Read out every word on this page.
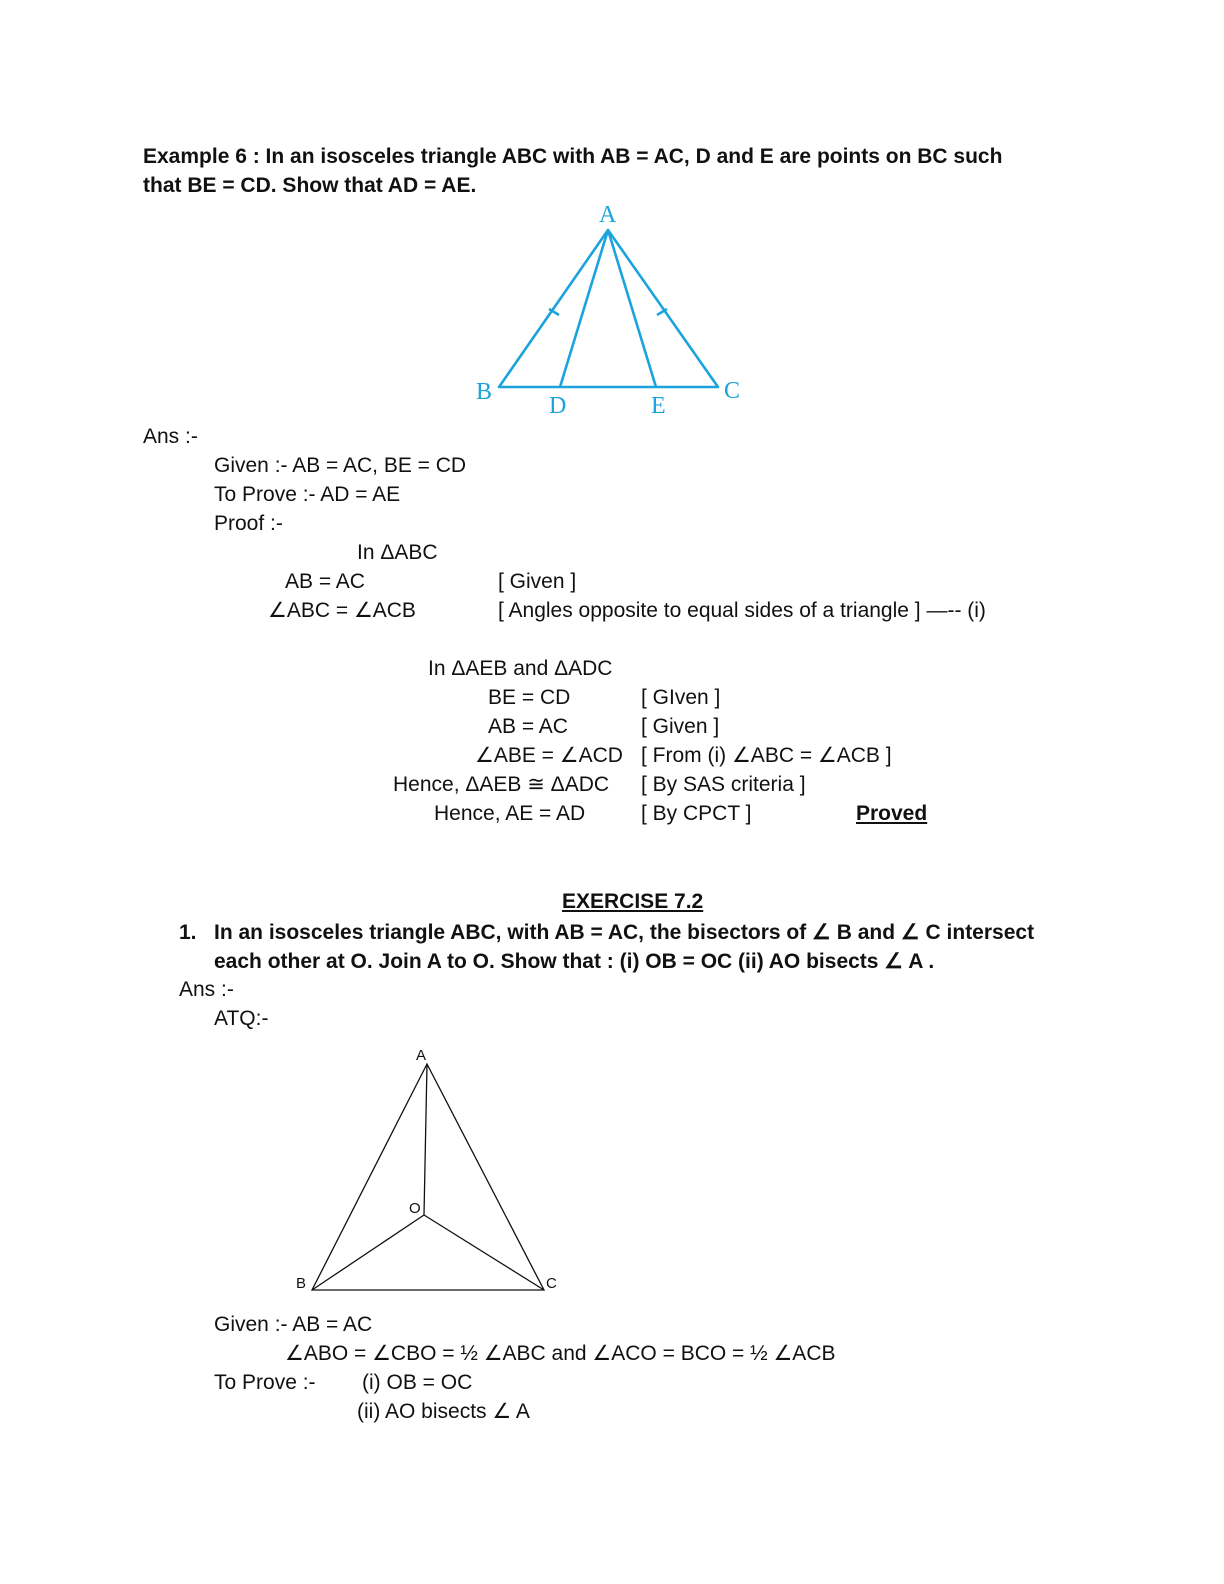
Example 6 : In an isosceles triangle ABC with AB = AC, D and E are points on BC such
that BE = CD. Show that AD = AE.
A
B	C
D	E
Ans :-
Given :- AB = AC, BE = CD
To Prove :- AD = AE
Proof :-
In ΔABC
AB = AC	[ Given ]
∠ABC = ∠ACB	[ Angles opposite to equal sides of a triangle ] —-- (i)
In ΔAEB and ΔADC
BE = CD	[ GIven ]
AB = AC	[ Given ]
∠ABE = ∠ACD [ From (i) ∠ABC = ∠ACB ]
Hence, ΔAEB ≅ ΔADC [ By SAS criteria ]
Hence, AE = AD	[ By CPCT ]	Proved
EXERCISE 7.2
1. In an isosceles triangle ABC, with AB = AC, the bisectors of ∠ B and ∠ C intersect
each other at O. Join A to O. Show that : (i) OB = OC (ii) AO bisects ∠ A .
Ans :-
ATQ:-
A
B	C
O
Given :- AB = AC
∠ABO = ∠CBO = ½ ∠ABC and ∠ACO = BCO = ½ ∠ACB
To Prove :- (i) OB = OC
(ii) AO bisects ∠ A
